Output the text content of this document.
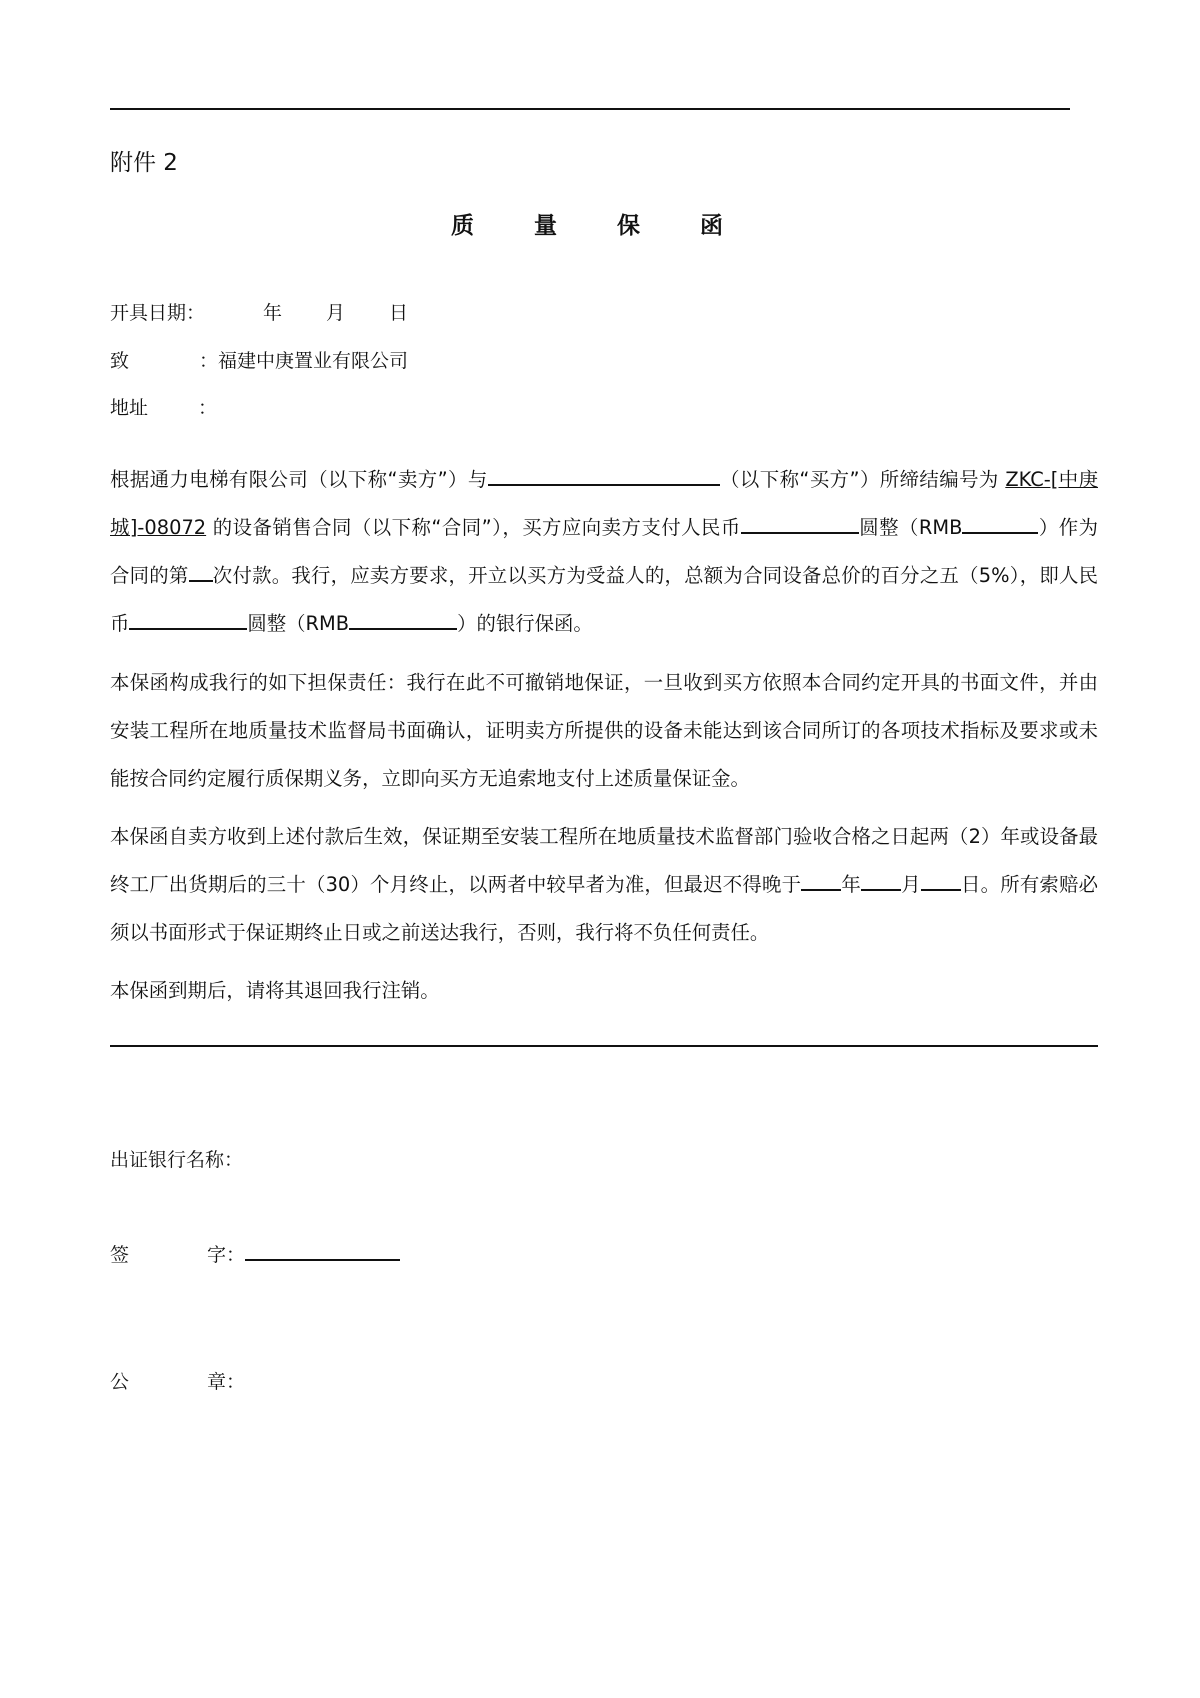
附件 2
质 量 保 函
开具日期：	年 月 日
致	：福建中庚置业有限公司
地址	：
根据通力电梯有限公司（以下称“卖方”）与	（以下称“买方”）所缔结编号为 ZKC-[中庚城]-08072 的设备销售合同（以下称“合同”），买方应向卖方支付人民币	圆整（RMB	）作为合同的第 次付款。我行，应卖方要求，开立以买方为受益人的，总额为合同设备总价的百分之五（5%），即人民币	圆整（RMB	）的银行保函。
本保函构成我行的如下担保责任：我行在此不可撤销地保证，一旦收到买方依照本合同约定开具的书面文件，并由安装工程所在地质量技术监督局书面确认，证明卖方所提供的设备未能达到该合同所订的各项技术指标及要求或未能按合同约定履行质保期义务，立即向买方无追索地支付上述质量保证金。
本保函自卖方收到上述付款后生效，保证期至安装工程所在地质量技术监督部门验收合格之日起两（2）年或设备最终工厂出货期后的三十（30）个月终止，以两者中较早者为准，但最迟不得晚于 年 月 日。所有索赔必须以书面形式于保证期终止日或之前送达我行，否则，我行将不负任何责任。
本保函到期后，请将其退回我行注销。
出证银行名称：
签	字：
公	章：
